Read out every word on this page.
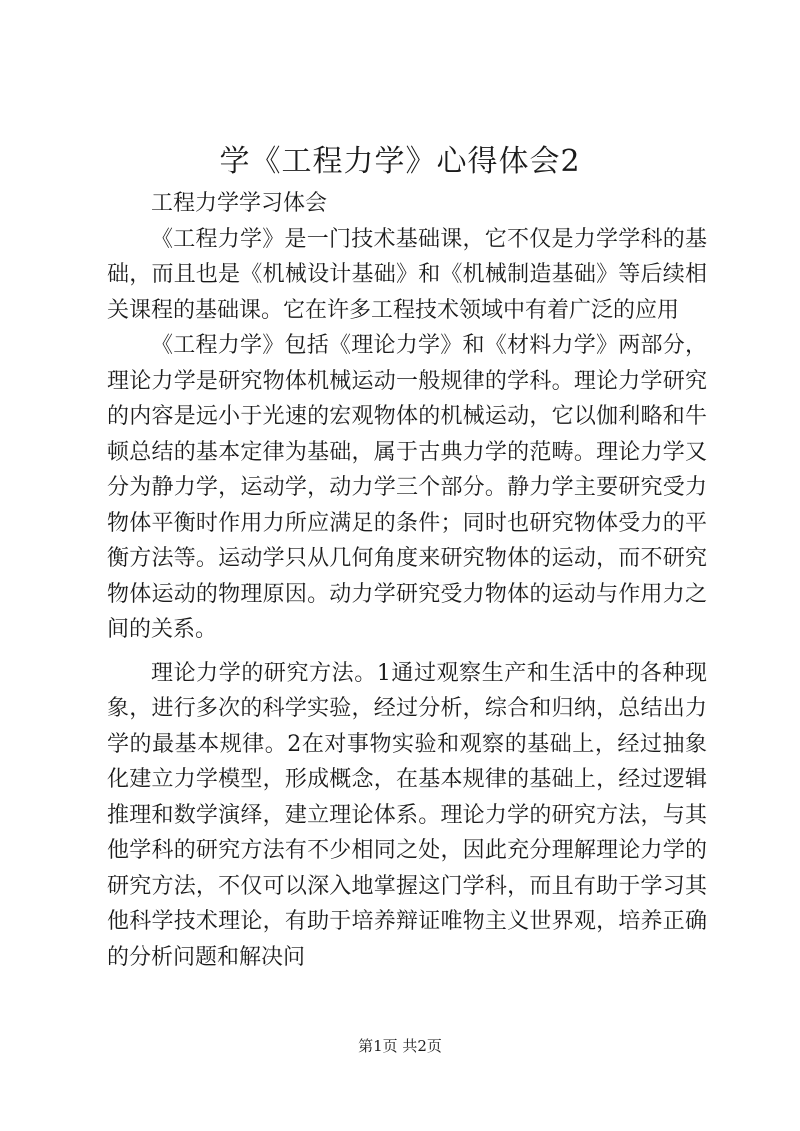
学《工程力学》心得体会2

工程力学学习体会

《工程力学》是一门技术基础课，它不仅是力学学科的基础，而且也是《机械设计基础》和《机械制造基础》等后续相关课程的基础课。它在许多工程技术领域中有着广泛的应用

《工程力学》包括《理论力学》和《材料力学》两部分，理论力学是研究物体机械运动一般规律的学科。理论力学研究的内容是远小于光速的宏观物体的机械运动，它以伽利略和牛顿总结的基本定律为基础，属于古典力学的范畴。理论力学又分为静力学，运动学，动力学三个部分。静力学主要研究受力物体平衡时作用力所应满足的条件；同时也研究物体受力的平衡方法等。运动学只从几何角度来研究物体的运动，而不研究物体运动的物理原因。动力学研究受力物体的运动与作用力之间的关系。

理论力学的研究方法。1通过观察生产和生活中的各种现象，进行多次的科学实验，经过分析，综合和归纳，总结出力学的最基本规律。2在对事物实验和观察的基础上，经过抽象化建立力学模型，形成概念，在基本规律的基础上，经过逻辑推理和数学演绎，建立理论体系。理论力学的研究方法，与其他学科的研究方法有不少相同之处，因此充分理解理论力学的研究方法，不仅可以深入地掌握这门学科，而且有助于学习其他科学技术理论，有助于培养辩证唯物主义世界观，培养正确的分析问题和解决问

第1页 共2页
